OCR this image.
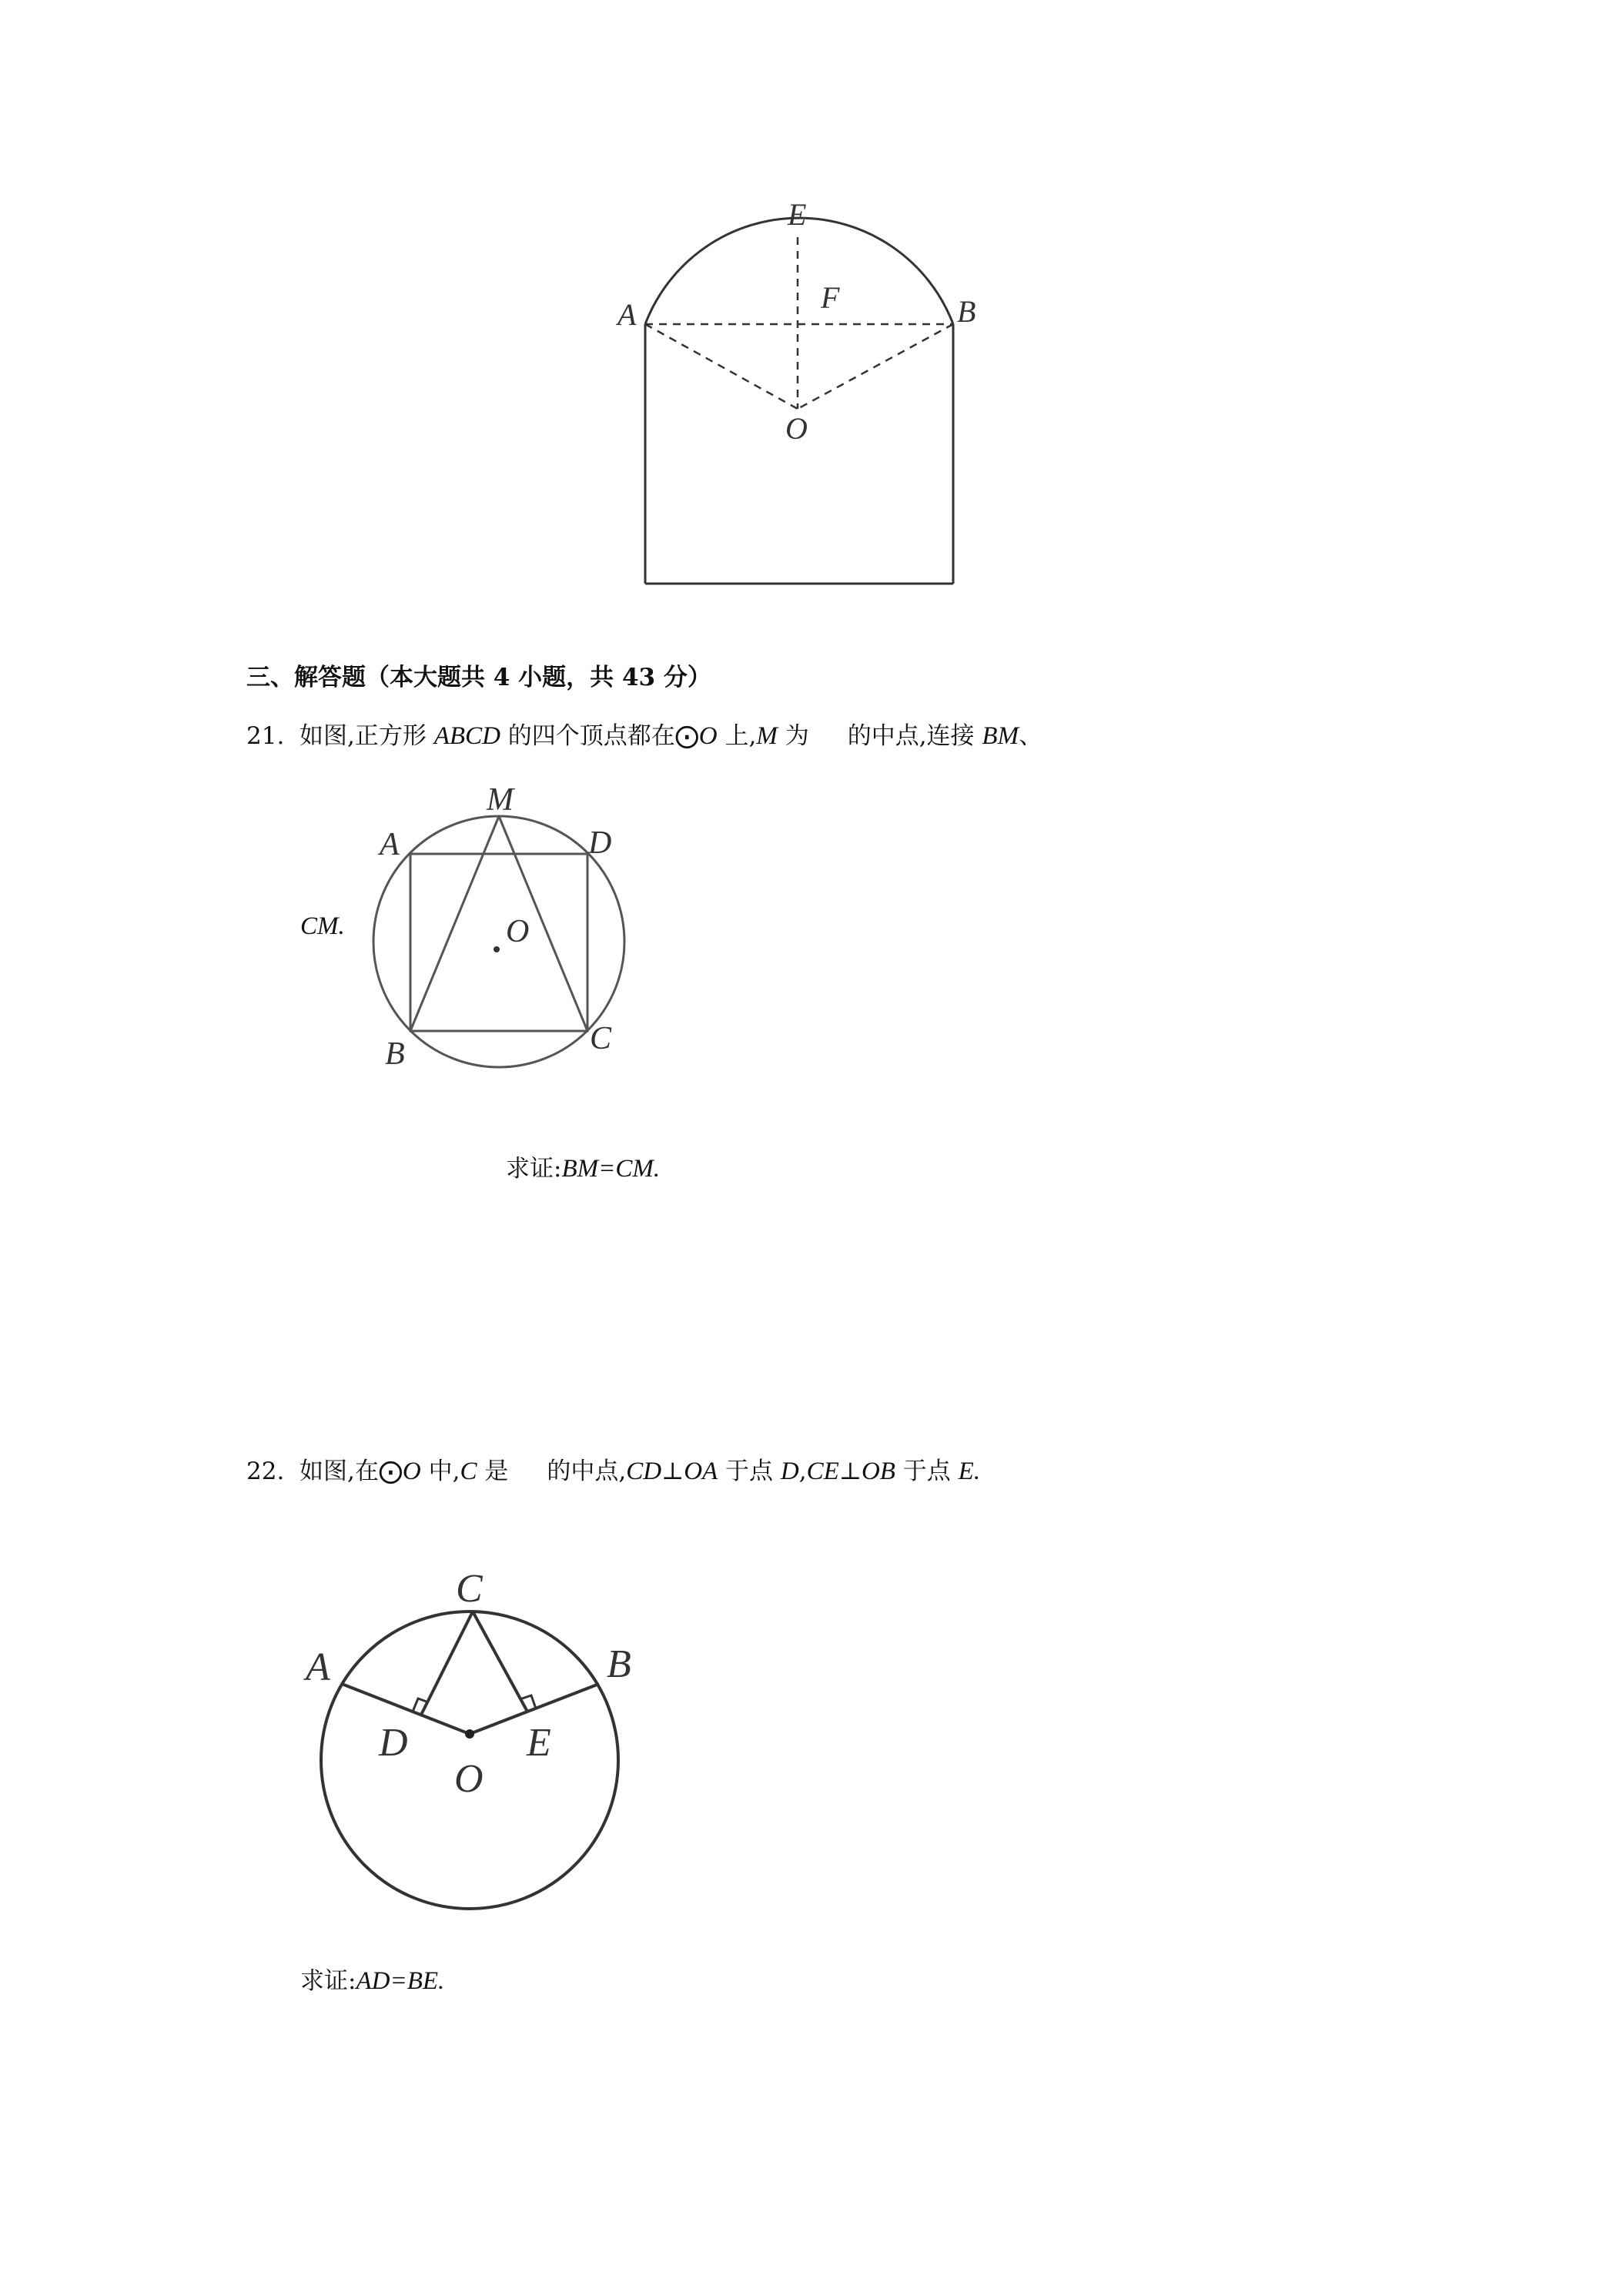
E
F
A	B
O
三、解答题（本大题共 4 小题，共 43 分）
21. 如图,正方形 ABCD 的四个顶点都在⨀O 上,M 为 的中点,连接 BM、
CM.
M
A	D
O
B	C
求证:BM=CM.
22. 如图,在⨀O 中,C 是 的中点,CD⊥OA 于点 D,CE⊥OB 于点 E.
C
A	B
D	E
O
求证:AD=BE.
